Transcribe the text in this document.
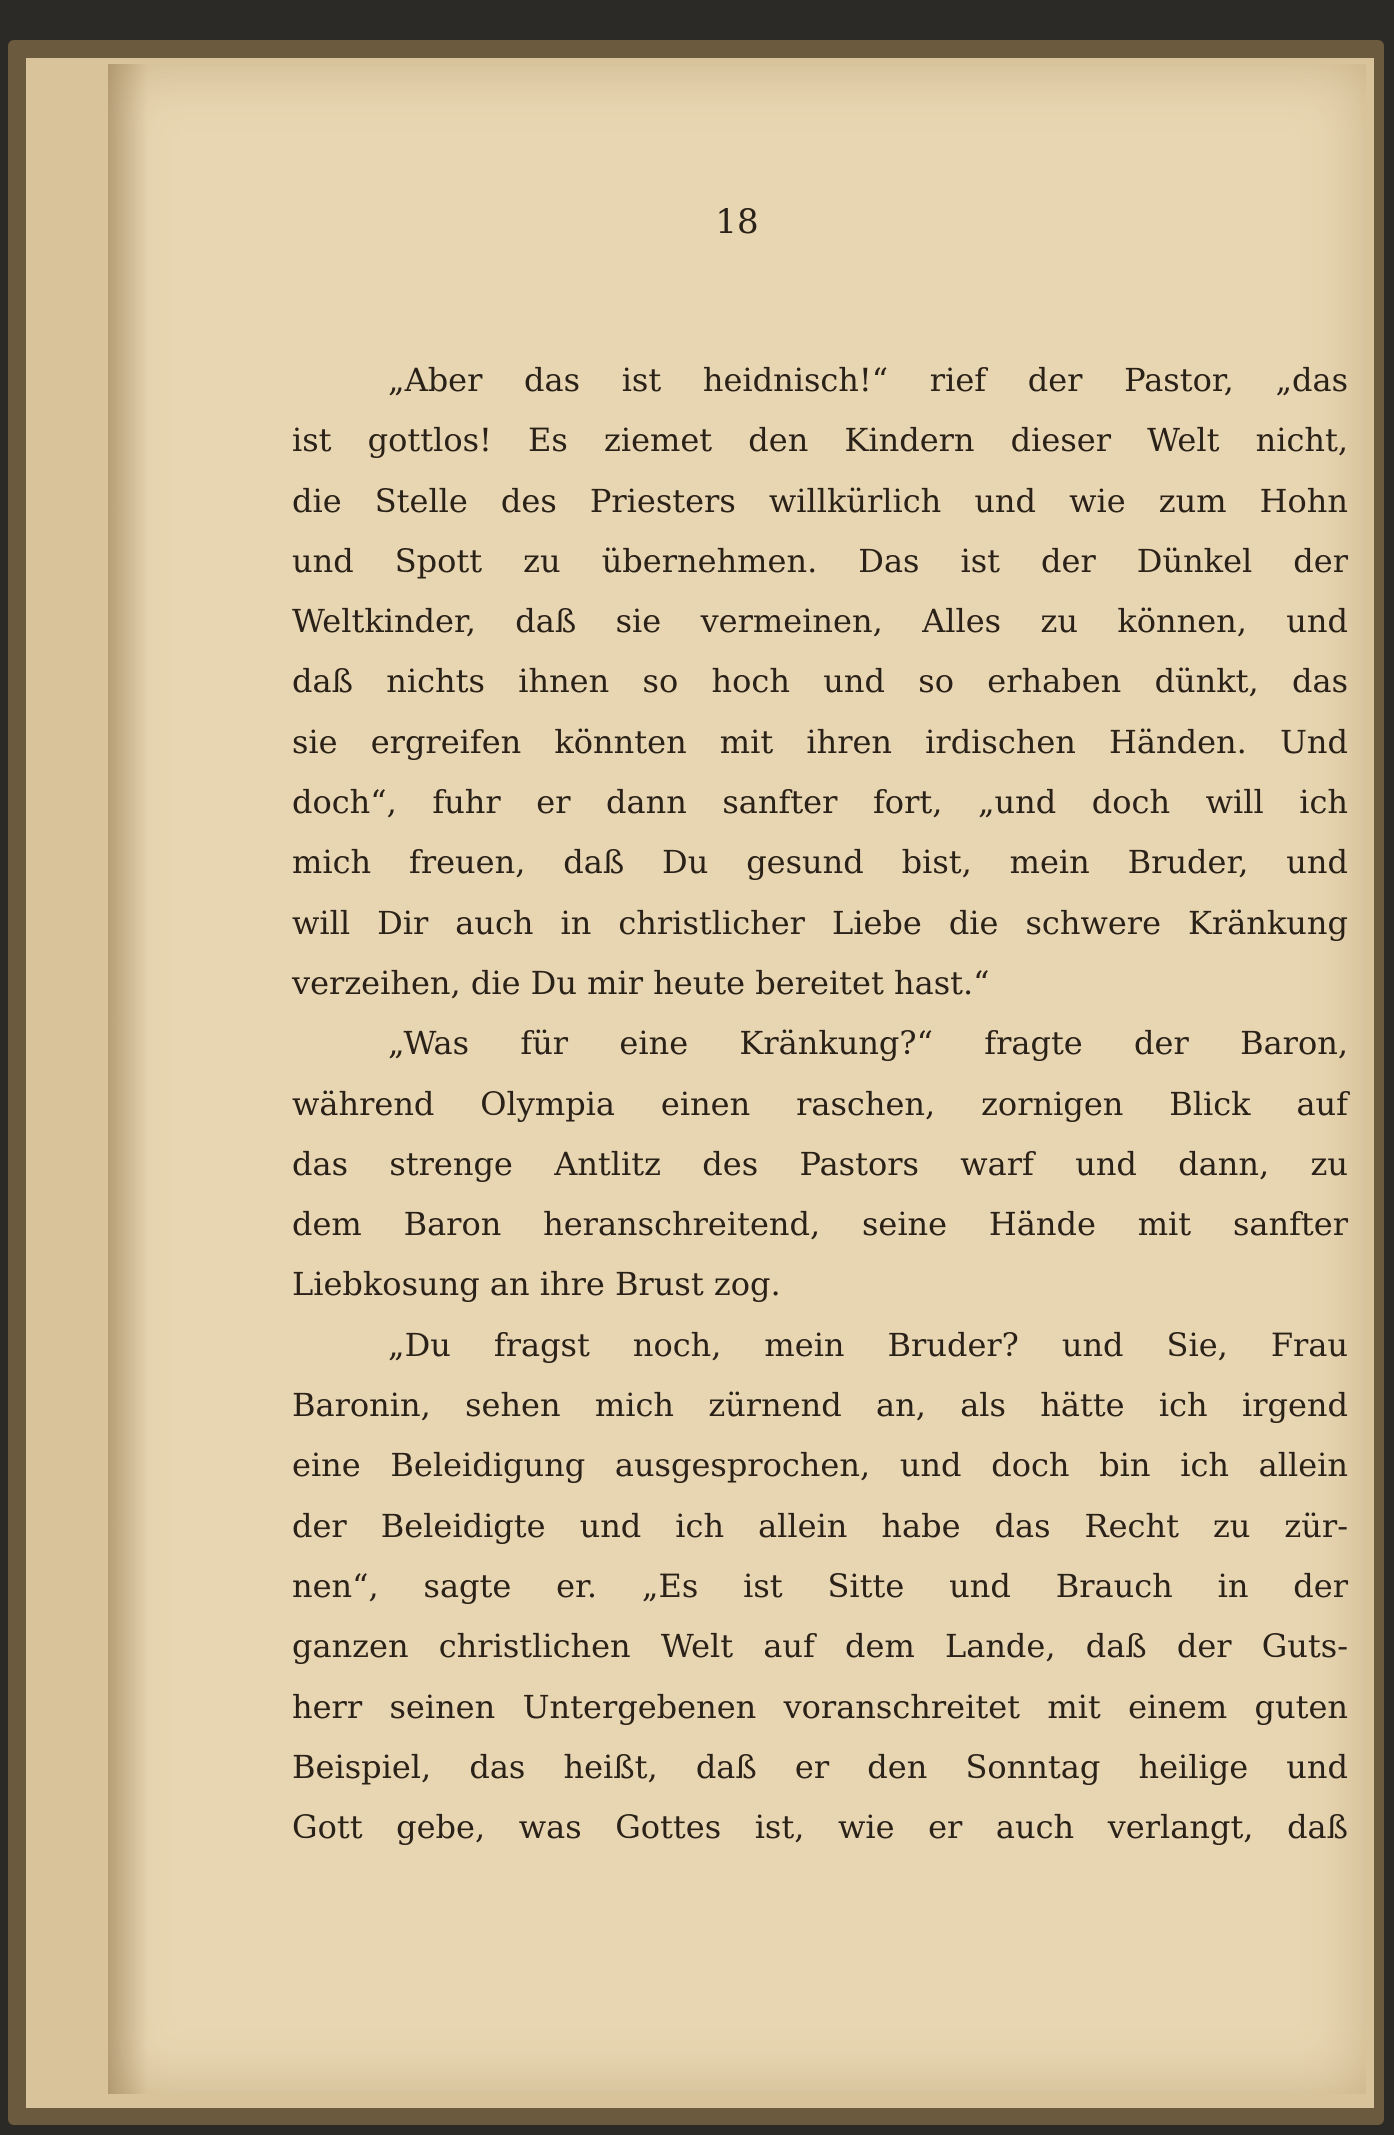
18

„Aber das ist heidnisch!“ rief der Pastor, „das
ist gottlos! Es ziemet den Kindern dieser Welt nicht,
die Stelle des Priesters willkürlich und wie zum Hohn
und Spott zu übernehmen. Das ist der Dünkel der
Weltkinder, daß sie vermeinen, Alles zu können, und
daß nichts ihnen so hoch und so erhaben dünkt, das
sie ergreifen könnten mit ihren irdischen Händen. Und
doch“, fuhr er dann sanfter fort, „und doch will ich
mich freuen, daß Du gesund bist, mein Bruder, und
will Dir auch in christlicher Liebe die schwere Kränkung
verzeihen, die Du mir heute bereitet hast.“
„Was für eine Kränkung?“ fragte der Baron,
während Olympia einen raschen, zornigen Blick auf
das strenge Antlitz des Pastors warf und dann, zu
dem Baron heranschreitend, seine Hände mit sanfter
Liebkosung an ihre Brust zog.
„Du fragst noch, mein Bruder? und Sie, Frau
Baronin, sehen mich zürnend an, als hätte ich irgend
eine Beleidigung ausgesprochen, und doch bin ich allein
der Beleidigte und ich allein habe das Recht zu zür-
nen“, sagte er. „Es ist Sitte und Brauch in der
ganzen christlichen Welt auf dem Lande, daß der Guts-
herr seinen Untergebenen voranschreitet mit einem guten
Beispiel, das heißt, daß er den Sonntag heilige und
Gott gebe, was Gottes ist, wie er auch verlangt, daß
